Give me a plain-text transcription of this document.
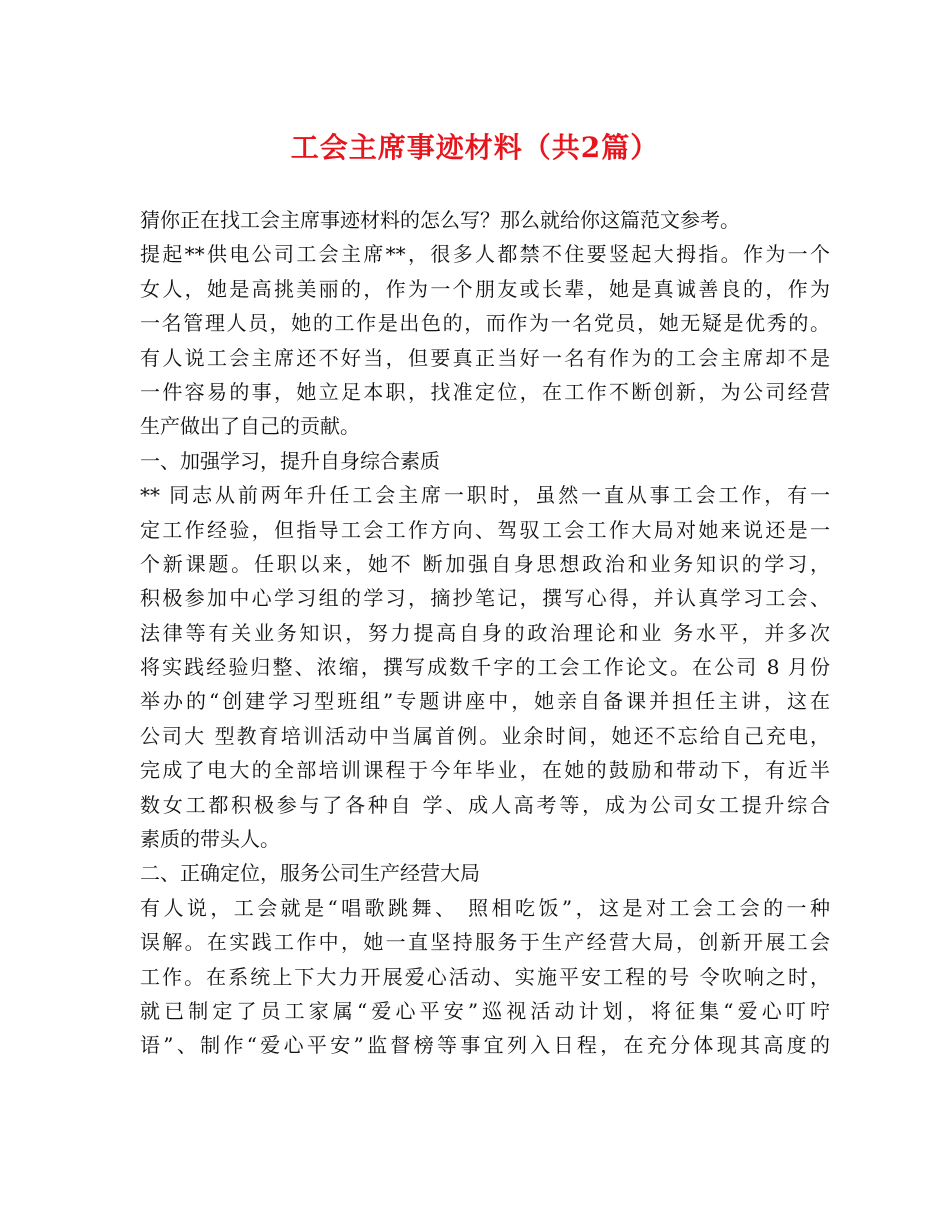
工会主席事迹材料（共2篇）
猜你正在找工会主席事迹材料的怎么写？那么就给你这篇范文参考。
提起**供电公司工会主席**，很多人都禁不住要竖起大拇指。作为一个
女人，她是高挑美丽的，作为一个朋友或长辈，她是真诚善良的，作为
一名管理人员，她的工作是出色的，而作为一名党员，她无疑是优秀的。
有人说工会主席还不好当，但要真正当好一名有作为的工会主席却不是
一件容易的事，她立足本职，找准定位，在工作不断创新，为公司经营
生产做出了自己的贡献。
一、加强学习，提升自身综合素质
** 同志从前两年升任工会主席一职时，虽然一直从事工会工作，有一
定工作经验，但指导工会工作方向、驾驭工会工作大局对她来说还是一
个新课题。任职以来，她不 断加强自身思想政治和业务知识的学习，
积极参加中心学习组的学习，摘抄笔记，撰写心得，并认真学习工会、
法律等有关业务知识，努力提高自身的政治理论和业 务水平，并多次
将实践经验归整、浓缩，撰写成数千字的工会工作论文。在公司 8 月份
举办的“创建学习型班组”专题讲座中，她亲自备课并担任主讲，这在
公司大 型教育培训活动中当属首例。业余时间，她还不忘给自己充电，
完成了电大的全部培训课程于今年毕业，在她的鼓励和带动下，有近半
数女工都积极参与了各种自 学、成人高考等，成为公司女工提升综合
素质的带头人。
二、正确定位，服务公司生产经营大局
有人说，工会就是“唱歌跳舞、 照相吃饭”，这是对工会工会的一种
误解。在实践工作中，她一直坚持服务于生产经营大局，创新开展工会
工作。在系统上下大力开展爱心活动、实施平安工程的号 令吹响之时，
就已制定了员工家属“爱心平安”巡视活动计划，将征集“爱心叮咛
语”、制作“爱心平安”监督榜等事宜列入日程，在充分体现其高度的
